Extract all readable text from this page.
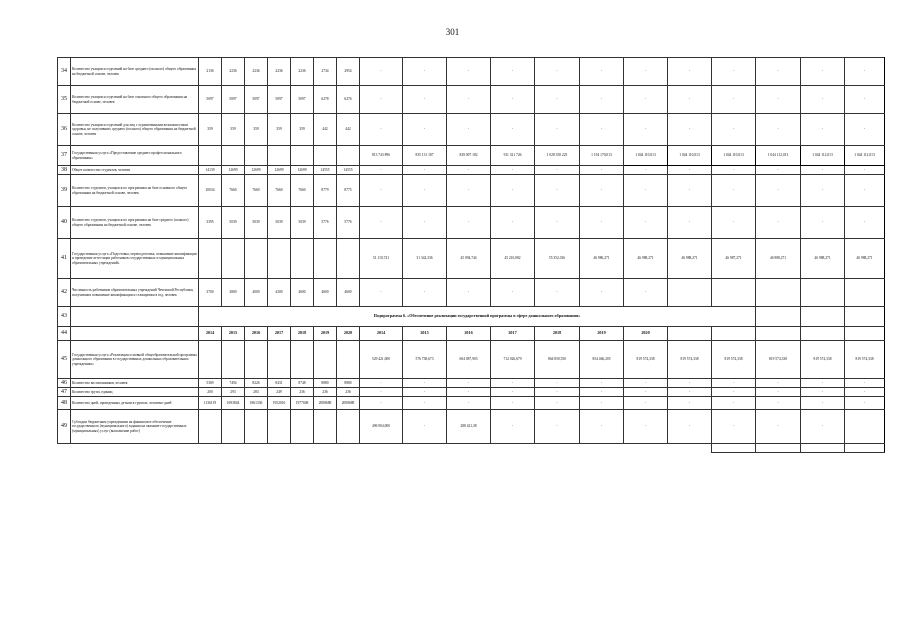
301
34	Количество учащихся отделений на базе среднего (полного) общего образования на бюджетной основе, человек	2136	2236	2236	2236	2236	2734	2954	-	-	-	-	-	-	-	-	-	-	-	-
35	Количество учащихся отделений на базе основного общего образования на бюджетной основе, человек	5097	5097	5097	5097	5097	6278	6276	-	-	-	-	-	-	-	-	-	-	-	-
36	Количество учащихся отделений для лиц с ограниченными возможностями здоровья, не получивших среднего (полного) общего образования на бюджетной основе, человек	359	359	359	359	359	442	442	-	-	-	-	-	-	-	-	-	-	-	-
37	Государственная услуга «Предоставление среднего профессионального образования»								813 743 896	835 131 187	829 007 182	911 321 726	1 028 350 225	1 194 170,013	1 044 110,013	1 044 110,013	1 044 110,013	1 044 112,013	1 044 112,013	1 044 112,013
38	Общее количество студентов, человек	14139	12699	12699	12699	12699	14555	14555	-	-	-	-	-	-	-	-	-	-	-	-
39	Количество студентов, учащихся по программам на базе основного общего образования на бюджетной основе, человек	10034	7660	7660	7660	7660	8779	8775	-	-	-	-	-	-	-	-	-	-	-	-
40	Количество студентов, учащихся по программам на базе среднего (полного) общего образования на бюджетной основе, человек	3395	5039	5039	5039	5039	5776	5776	-	-	-	-	-	-	-	-	-	-	-	-
41	Государственная услуга «Подготовка, переподготовка, повышение квалификации и проведение аттестации работников государственных и муниципальных образовательных учреждений»								51 110,741	31 342,336	45 094,744	45 210,082	55 352,016	46 986,271	46 988,271	46 988,271	46 987,271	46 988,271	46 988,271	46 988,271
42	Численность работников образовательных учреждений Чеченской Республики, получивших повышение квалификации и стажировки в год, человек	3700	3800	4000	4300	4600	4600	4600	-	-	-	-	-	-	-					
43		Подпрограмма 6. «Обеспечение реализации государственной программы в сфере дошкольного образования»																		
44		2014	2015	2016	2017	2018	2019	2020	2014	2015	2016	2017	2018	2019	2020					
45	Государственная услуга «Реализация основной общеобразовательной программы дошкольного образования в государственных дошкольных образовательных учреждениях»								529 421,000	576 738,673	604 087,903	712 026,679	864 850,550	854 466,205	819 574,338	819 574,338	819 574,338	819 574,338	819 574,338	819 574,338
46	Количество воспитанников, человек	5369	7494	8226	8431	8748	8880	8880	-	-	-	-	-	-	-	-	-	-	-	-
47	Количество групп, единиц	200	293	283	249	236	236	236	-	-	-	-	-	-	-	-	-	-	-	-
48	Количество дней, проведенных детьми в группах, человеко-дней	1136119	1693844	1861336	1952016	1977048	2008688	2008688	-	-	-	-	-	-	-	-	-	-	-	-
49	Субсидии бюджетным учреждениям на финансовое обеспечение государственного (муниципального) задания на оказание государственных (муниципальных) услуг (выполнение работ)								496 904,000	-	288 421,38	-	-	-	-	-	-	-	-	
